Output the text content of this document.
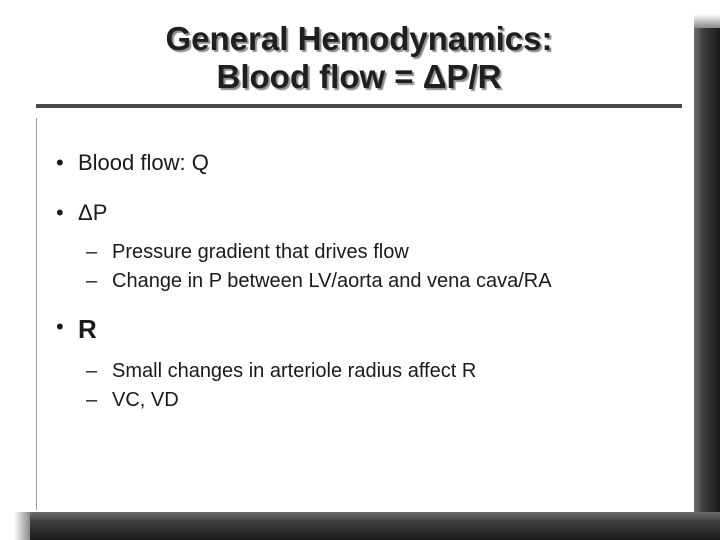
General Hemodynamics:
Blood flow = ΔP/R
• Blood flow: Q
• ΔP
– Pressure gradient that drives flow
– Change in P between LV/aorta and vena cava/RA
• R
– Small changes in arteriole radius affect R
– VC, VD
